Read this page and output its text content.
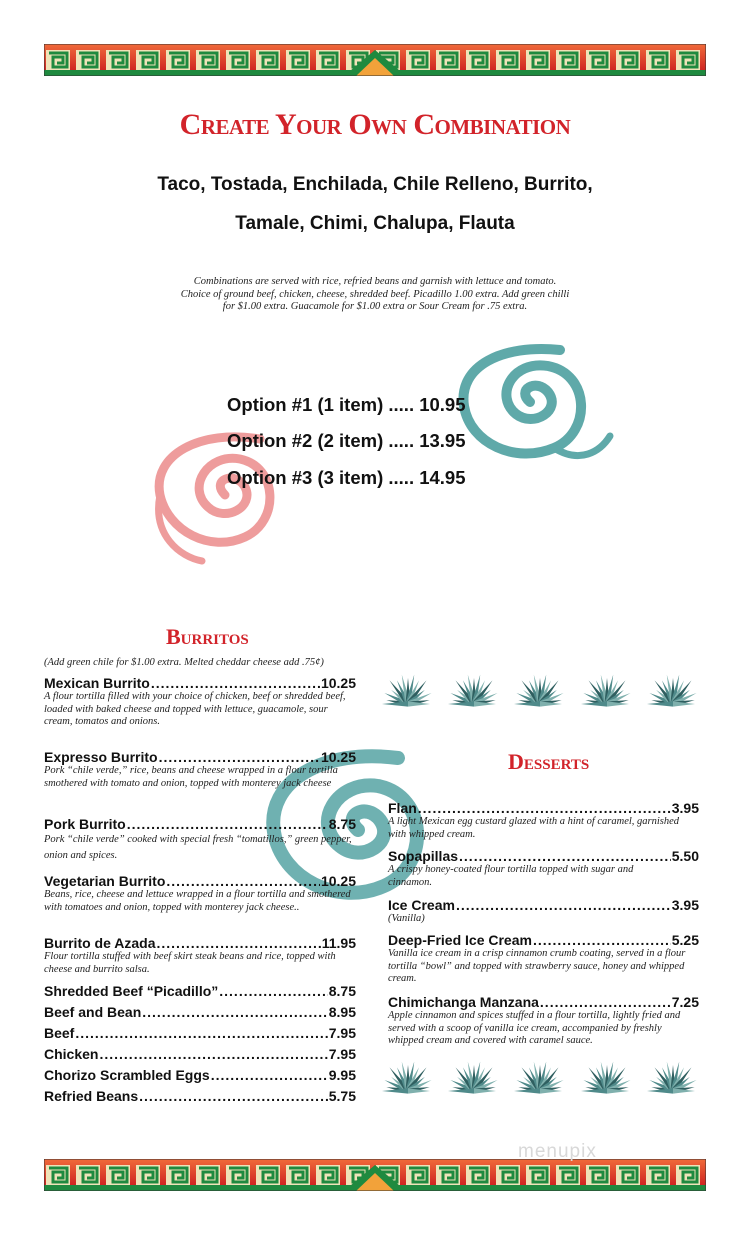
Create Your Own Combination
Taco, Tostada, Enchilada, Chile Relleno, Burrito,
Tamale, Chimi, Chalupa, Flauta
Combinations are served with rice, refried beans and garnish with lettuce and tomato.
Choice of ground beef, chicken, cheese, shredded beef. Picadillo 1.00 extra. Add green chilli
for $1.00 extra. Guacamole for $1.00 extra or Sour Cream for .75 extra.
Option #1 (1 item) ..... 10.95
Option #2 (2 item) ..... 13.95
Option #3 (3 item) ..... 14.95
Burritos
(Add green chile for $1.00 extra. Melted cheddar cheese add .75¢)
Mexican Burrito .....	10.25
A flour tortilla filled with your choice of chicken, beef or shredded beef, loaded with baked cheese and topped with lettuce, guacamole, sour cream, tomatos and onions.
Expresso Burrito .....	10.25
Pork “chile verde,” rice, beans and cheese wrapped in a flour tortilla smothered with tomato and onion, topped with monterey jack cheese
Pork Burrito .....	8.75
Pork “chile verde” cooked with special fresh “tomatillos,” green pepper, onion and spices.
Vegetarian Burrito .....	10.25
Beans, rice, cheese and lettuce wrapped in a flour tortilla and smothered with tomatoes and onion, topped with monterey jack cheese..
Burrito de Azada .....	11.95
Flour tortilla stuffed with beef skirt steak beans and rice, topped with cheese and burrito salsa.
Shredded Beef “Picadillo” .....	8.75
Beef and Bean .....	8.95
Beef .....	7.95
Chicken .....	7.95
Chorizo Scrambled Eggs .....	9.95
Refried Beans .....	5.75
Desserts
Flan .....	3.95
A light Mexican egg custard glazed with a hint of caramel, garnished with whipped cream.
Sopapillas .....	5.50
A crispy honey-coated flour tortilla topped with sugar and cinnamon.
Ice Cream .....	3.95
(Vanilla)
Deep-Fried Ice Cream .....	5.25
Vanilla ice cream in a crisp cinnamon crumb coating, served in a flour tortilla “bowl” and topped with strawberry sauce, honey and whipped cream.
Chimichanga Manzana .....	7.25
Apple cinnamon and spices stuffed in a flour tortilla, lightly fried and served with a scoop of vanilla ice cream, accompanied by freshly whipped cream and covered with caramel sauce.
menupix
